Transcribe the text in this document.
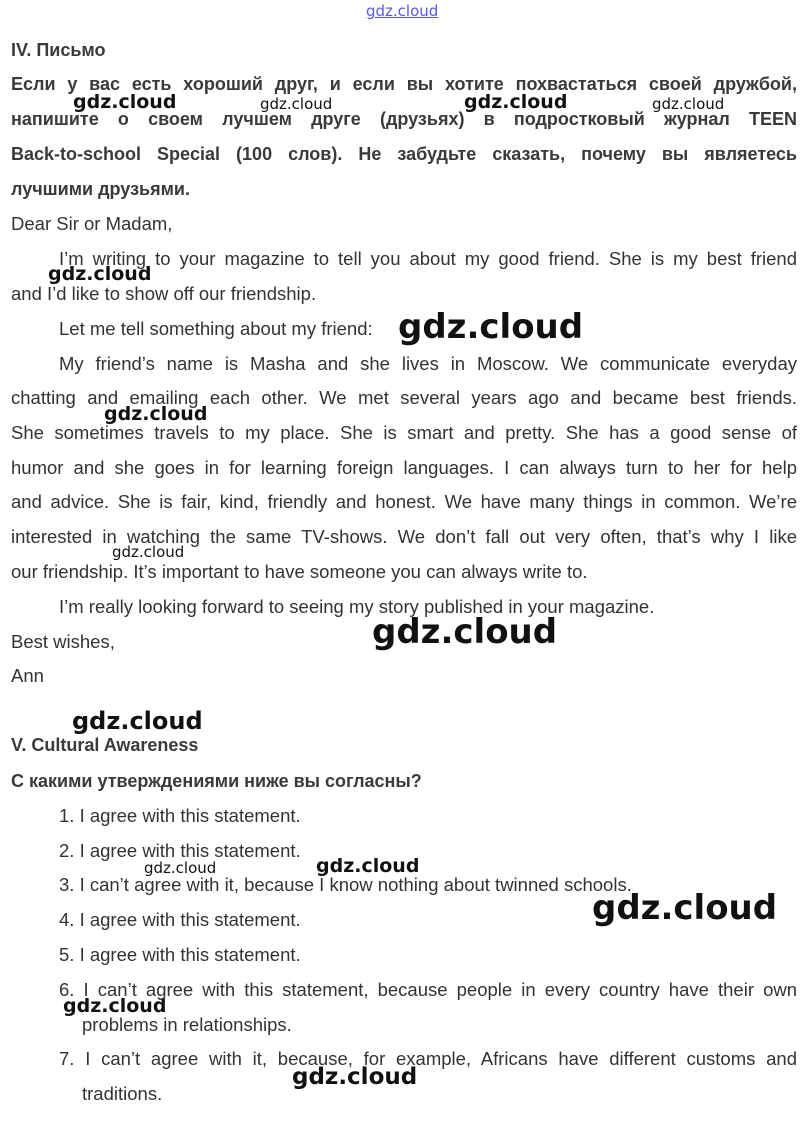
gdz.cloud
gdz.cloud	gdz.cloud	gdz.cloud	gdz.cloud
gdz.cloud
gdz.cloud
gdz.cloud
gdz.cloud
gdz.cloud
gdz.cloud
gdz.cloud	gdz.cloud
gdz.cloud
gdz.cloud
gdz.cloud
IV. Письмо
Если у вас есть хороший друг, и если вы хотите похвастаться своей дружбой,
напишите о своем лучшем друге (друзьях) в подростковый журнал TEEN
Back-to-school Special (100 слов). Не забудьте сказать, почему вы являетесь
лучшими друзьями.
Dear Sir or Madam,
I’m writing to your magazine to tell you about my good friend. She is my best friend
and I’d like to show off our friendship.
Let me tell something about my friend:
My friend’s name is Masha and she lives in Moscow. We communicate everyday
chatting and emailing each other. We met several years ago and became best friends.
She sometimes travels to my place. She is smart and pretty. She has a good sense of
humor and she goes in for learning foreign languages. I can always turn to her for help
and advice. She is fair, kind, friendly and honest. We have many things in common. We’re
interested in watching the same TV-shows. We don’t fall out very often, that’s why I like
our friendship. It’s important to have someone you can always write to.
I’m really looking forward to seeing my story published in your magazine.
Best wishes,
Ann
V. Cultural Awareness
С какими утверждениями ниже вы согласны?
1. I agree with this statement.
2. I agree with this statement.
3. I can’t agree with it, because I know nothing about twinned schools.
4. I agree with this statement.
5. I agree with this statement.
6. I can’t agree with this statement, because people in every country have their own
problems in relationships.
7. I can’t agree with it, because, for example, Africans have different customs and
traditions.
